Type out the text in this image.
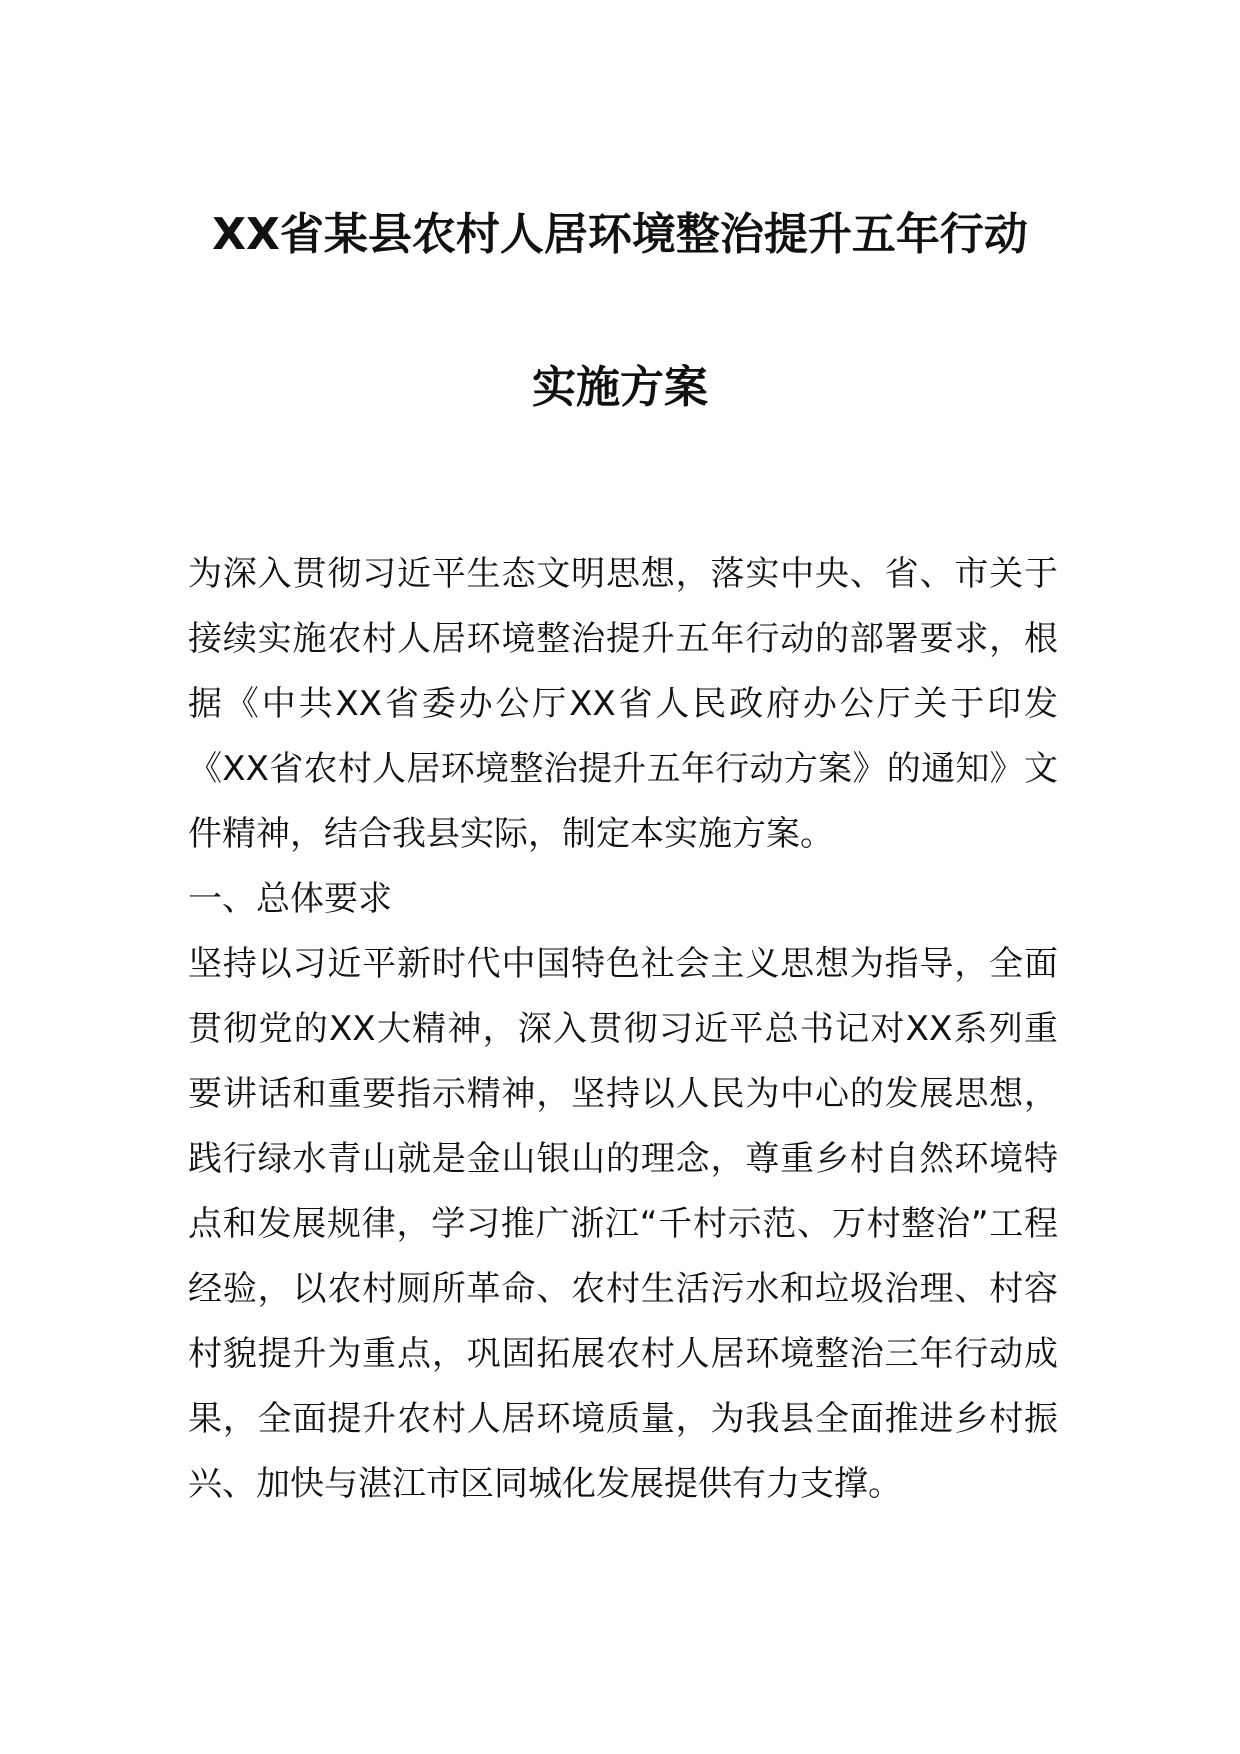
XX省某县农村人居环境整治提升五年行动
实施方案

为深入贯彻习近平生态文明思想，落实中央、省、市关于接续实施农村人居环境整治提升五年行动的部署要求，根据《中共XX省委办公厅XX省人民政府办公厅关于印发《XX省农村人居环境整治提升五年行动方案》的通知》文件精神，结合我县实际，制定本实施方案。

一、总体要求

坚持以习近平新时代中国特色社会主义思想为指导，全面贯彻党的XX大精神，深入贯彻习近平总书记对XX系列重要讲话和重要指示精神，坚持以人民为中心的发展思想，践行绿水青山就是金山银山的理念，尊重乡村自然环境特点和发展规律，学习推广浙江“千村示范、万村整治”工程经验，以农村厕所革命、农村生活污水和垃圾治理、村容村貌提升为重点，巩固拓展农村人居环境整治三年行动成果，全面提升农村人居环境质量，为我县全面推进乡村振兴、加快与湛江市区同城化发展提供有力支撑。
